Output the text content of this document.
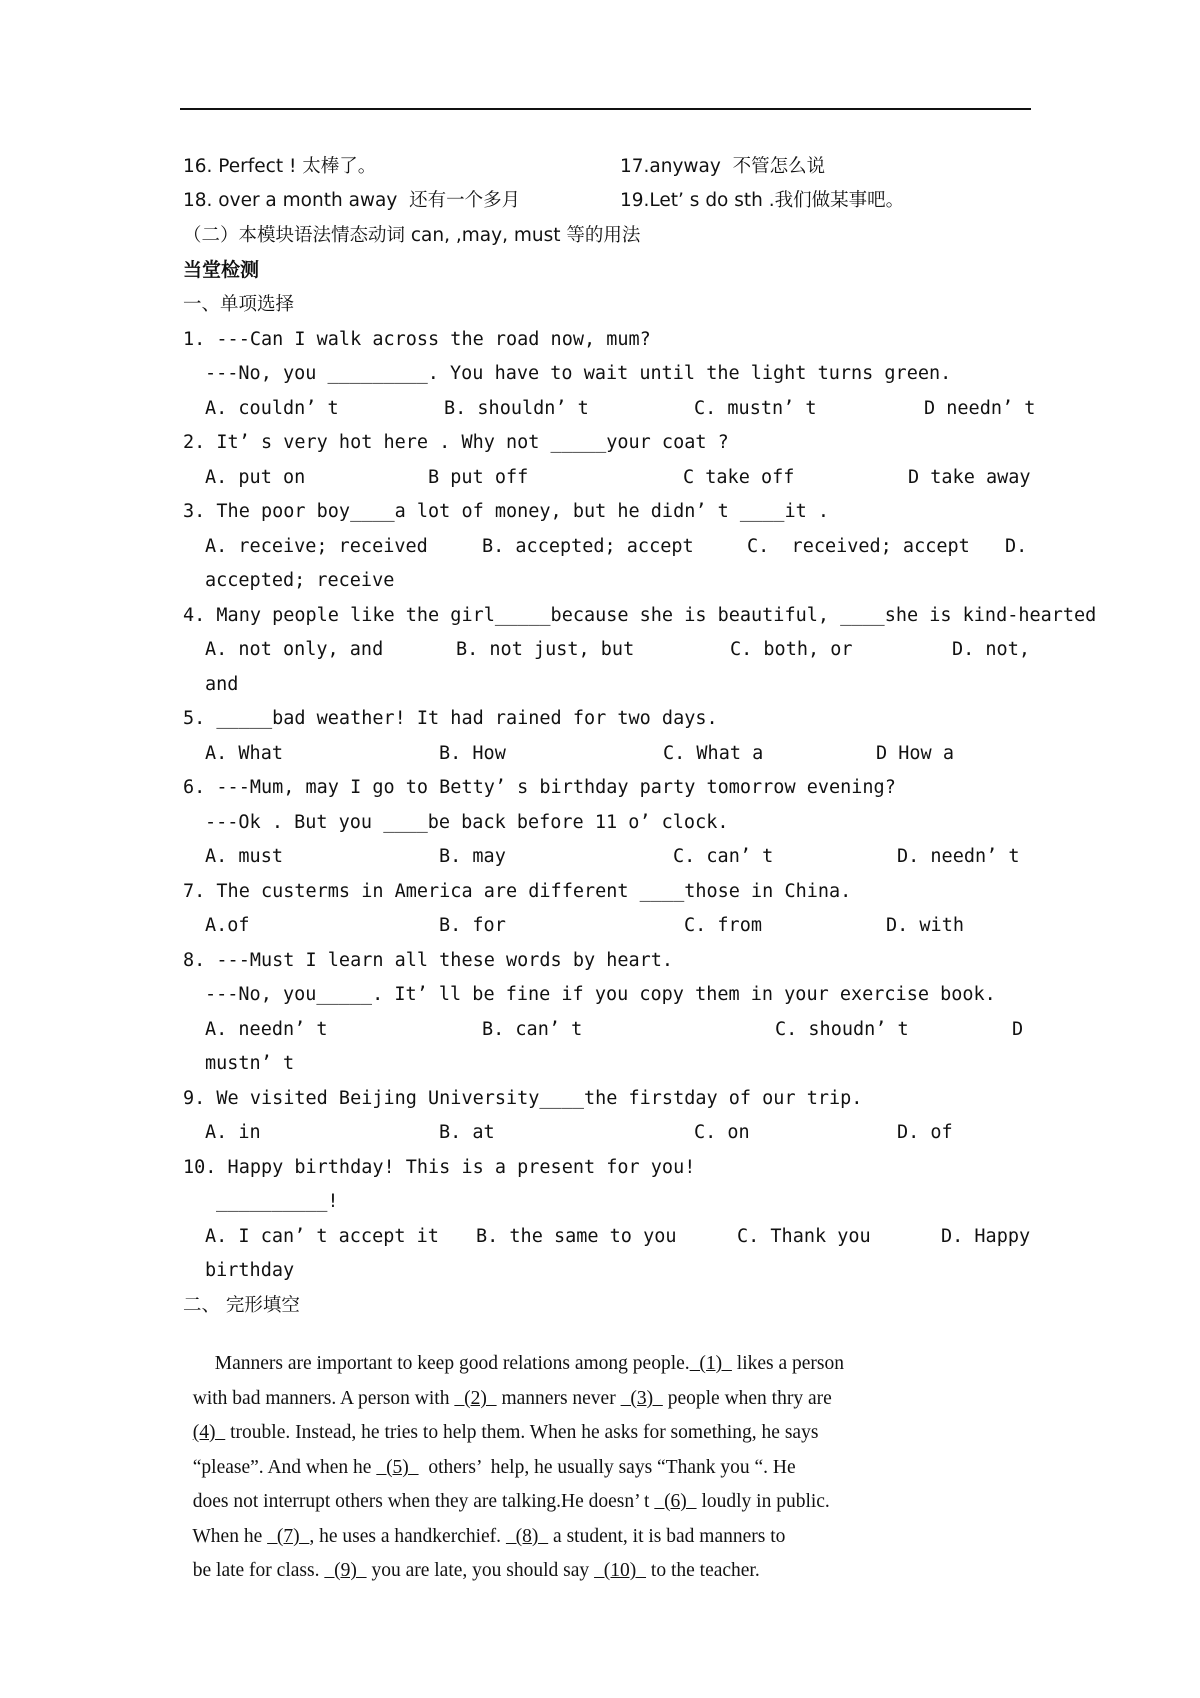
16. Perfect ! 太棒了。	17.anyway  不管怎么说
18. over a month away  还有一个多月	19.Let’ s do sth .我们做某事吧。
（二）本模块语法情态动词 can, ,may, must 等的用法
当堂检测
一、单项选择
1. ---Can I walk across the road now, mum?
---No, you _________. You have to wait until the light turns green.
A. couldn’ t	B. shouldn’ t	C. mustn’ t	D needn’ t
2. It’ s very hot here . Why not _____your coat ?
A. put on	B put off	C take off	D take away
3. The poor boy____a lot of money, but he didn’ t ____it .
A. receive; received	B. accepted; accept	C.  received; accept D.
accepted; receive
4. Many people like the girl_____because she is beautiful, ____she is kind-hearted
A. not only, and	B. not just, but	C. both, or	D. not,
and
5. _____bad weather! It had rained for two days.
A. What	B. How	C. What a	D How a
6. ---Mum, may I go to Betty’ s birthday party tomorrow evening?
---Ok . But you ____be back before 11 o’ clock.
A. must	B. may	C. can’ t	D. needn’ t
7. The custerms in America are different ____those in China.
A.of	B. for	C. from	D. with
8. ---Must I learn all these words by heart.
---No, you_____. It’ ll be fine if you copy them in your exercise book.
A. needn’ t	B. can’ t	C. shoudn’ t	D
mustn’ t
9. We visited Beijing University____the firstday of our trip.
A. in	B. at	C. on	D. of
10. Happy birthday! This is a present for you!
__________!
A. I can’ t accept it B. the same to you	C. Thank you	D. Happy
birthday
二、 完形填空

Manners are important to keep good relations among people.  (1)   likes a person

with bad manners. A person with   (2)   manners never   (3)   people when thry are

(4)   trouble. Instead, he tries to help them. When he asks for something, he says

“please”. And when he   (5)    others’  help, he usually says “Thank you “. He

does not interrupt others when they are talking.He doesn’ t   (6)   loudly in public.

When he   (7)  , he uses a handkerchief.   (8)   a student, it is bad manners to

be late for class.   (9)   you are late, you should say   (10)   to the teacher.
